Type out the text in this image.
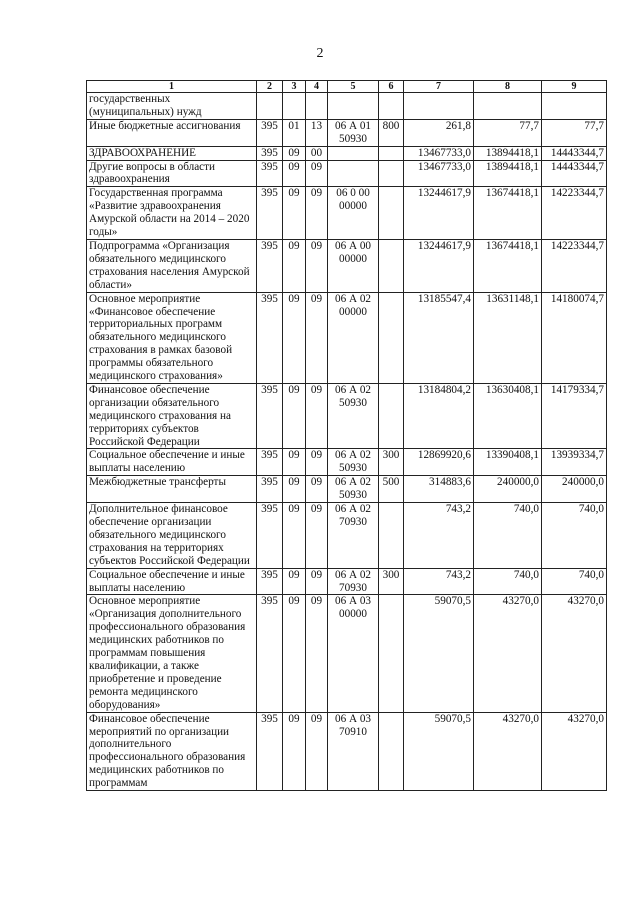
2
1	2	3	4	5	6	7	8	9
государственных (муниципальных) нужд								
Иные бюджетные ассигнования	395	01	13	06 А 01 50930	800	261,8	77,7	77,7
ЗДРАВООХРАНЕНИЕ	395	09	00			13467733,0	13894418,1	14443344,7
Другие вопросы в области здравоохранения	395	09	09			13467733,0	13894418,1	14443344,7
Государственная программа «Развитие здравоохранения Амурской области на 2014 – 2020 годы»	395	09	09	06 0 00 00000		13244617,9	13674418,1	14223344,7
Подпрограмма «Организация обязательного медицинского страхования населения Амурской области»	395	09	09	06 А 00 00000		13244617,9	13674418,1	14223344,7
Основное мероприятие «Финансовое обеспечение территориальных программ обязательного медицинского страхования в рамках базовой программы обязательного медицинского страхования»	395	09	09	06 А 02 00000		13185547,4	13631148,1	14180074,7
Финансовое обеспечение организации обязательного медицинского страхования на территориях субъектов Российской Федерации	395	09	09	06 А 02 50930		13184804,2	13630408,1	14179334,7
Социальное обеспечение и иные выплаты населению	395	09	09	06 А 02 50930	300	12869920,6	13390408,1	13939334,7
Межбюджетные трансферты	395	09	09	06 А 02 50930	500	314883,6	240000,0	240000,0
Дополнительное финансовое обеспечение организации обязательного медицинского страхования на территориях субъектов Российской Федерации	395	09	09	06 А 02 70930		743,2	740,0	740,0
Социальное обеспечение и иные выплаты населению	395	09	09	06 А 02 70930	300	743,2	740,0	740,0
Основное мероприятие «Организация дополнительного профессионального образования медицинских работников по программам повышения квалификации, а также приобретение и проведение ремонта медицинского оборудования»	395	09	09	06 А 03 00000		59070,5	43270,0	43270,0
Финансовое обеспечение мероприятий по организации дополнительного профессионального образования медицинских работников по программам	395	09	09	06 А 03 70910		59070,5	43270,0	43270,0
